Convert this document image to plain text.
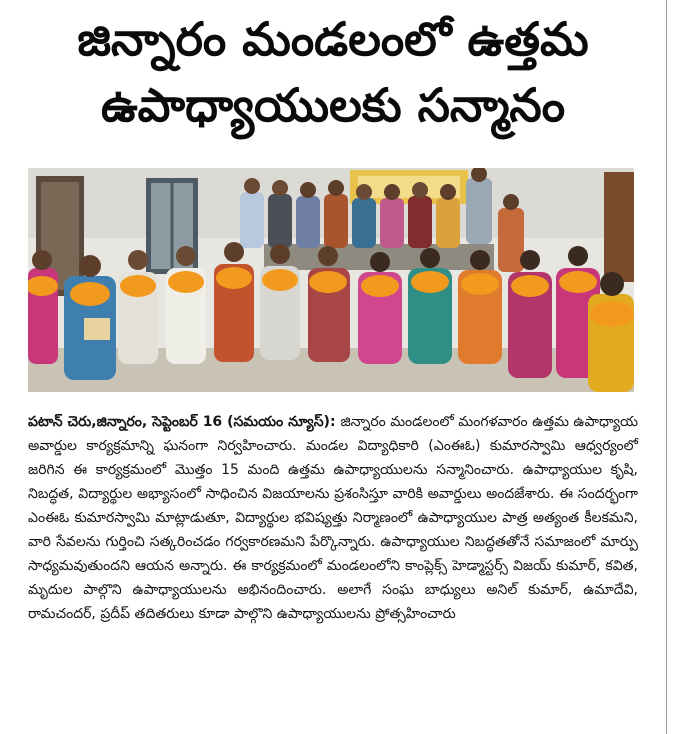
జిన్నారం మండలంలో ఉత్తమ
ఉపాధ్యాయులకు సన్మానం

పటాన్ చెరు,జిన్నారం, సెప్టెంబర్ 16 (సమయం న్యూస్): జిన్నారం మండలంలో మంగళవారం ఉత్తమ ఉపాధ్యాయ అవార్డుల కార్యక్రమాన్ని ఘనంగా నిర్వహించారు. మండల విద్యాధికారి (ఎంఈఓ) కుమారస్వామి ఆధ్వర్యంలో జరిగిన ఈ కార్యక్రమంలో మొత్తం 15 మంది ఉత్తమ ఉపాధ్యాయులను సన్మానించారు. ఉపాధ్యాయుల కృషి, నిబద్ధత, విద్యార్థుల అభ్యాసంలో సాధించిన విజయాలను ప్రశంసిస్తూ వారికి అవార్డులు అందజేశారు. ఈ సందర్భంగా ఎంఈఓ కుమారస్వామి మాట్లాడుతూ, విద్యార్థుల భవిష్యత్తు నిర్మాణంలో ఉపాధ్యాయుల పాత్ర అత్యంత కీలకమని, వారి సేవలను గుర్తించి సత్కరించడం గర్వకారణమని పేర్కొన్నారు. ఉపాధ్యాయుల నిబద్ధతతోనే సమాజంలో మార్పు సాధ్యమవుతుందని ఆయన అన్నారు. ఈ కార్యక్రమంలో మండలంలోని కాంప్లెక్స్ హెడ్మాస్టర్స్ విజయ్ కుమార్, కవిత, మృదుల పాల్గొని ఉపాధ్యాయులను అభినందించారు. అలాగే సంఘ బాధ్యులు అనిల్ కుమార్, ఉమాదేవి, రామచందర్, ప్రదీప్ తదితరులు కూడా పాల్గొని ఉపాధ్యాయులను ప్రోత్సహించారు
